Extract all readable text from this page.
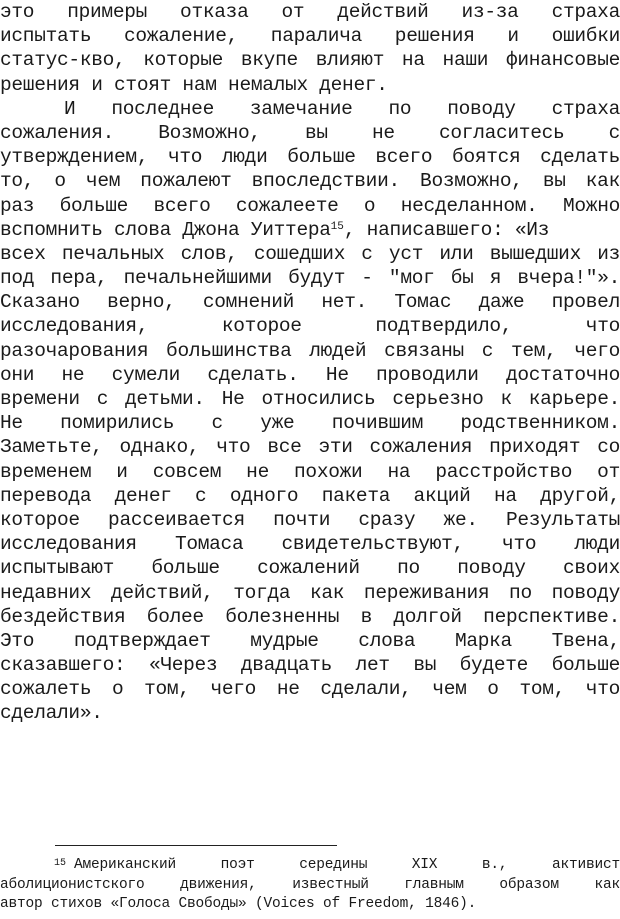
это примеры отказа от действий из-за страха
испытать сожаление, паралича решения и ошибки
статус-кво, которые вкупе влияют на наши финансовые
решения и стоят нам немалых денег.
И последнее замечание по поводу страха
сожаления. Возможно, вы не согласитесь с
утверждением, что люди больше всего боятся сделать
то, о чем пожалеют впоследствии. Возможно, вы как
раз больше всего сожалеете о несделанном. Можно
вспомнить слова Джона Уиттера$^{15}$, написавшего: «Из
всех печальных слов, сошедших с уст или вышедших из
под пера, печальнейшими будут - "мог бы я вчера!"».
Сказано верно, сомнений нет. Томас даже провел
исследования, которое подтвердило, что
разочарования большинства людей связаны с тем, чего
они не сумели сделать. Не проводили достаточно
времени с детьми. Не относились серьезно к карьере.
Не помирились с уже почившим родственником.
Заметьте, однако, что все эти сожаления приходят со
временем и совсем не похожи на расстройство от
перевода денег с одного пакета акций на другой,
которое рассеивается почти сразу же. Результаты
исследования Томаса свидетельствуют, что люди
испытывают больше сожалений по поводу своих
недавних действий, тогда как переживания по поводу
бездействия более болезненны в долгой перспективе.
Это подтверждает мудрые слова Марка Твена,
сказавшего: «Через двадцать лет вы будете больше
сожалеть о том, чего не сделали, чем о том, что
сделали».
$^{15}$ Американский поэт середины XIX в., активист
аболиционистского движения, известный главным образом как
автор стихов «Голоса Свободы» (Voices of Freedom, 1846).
